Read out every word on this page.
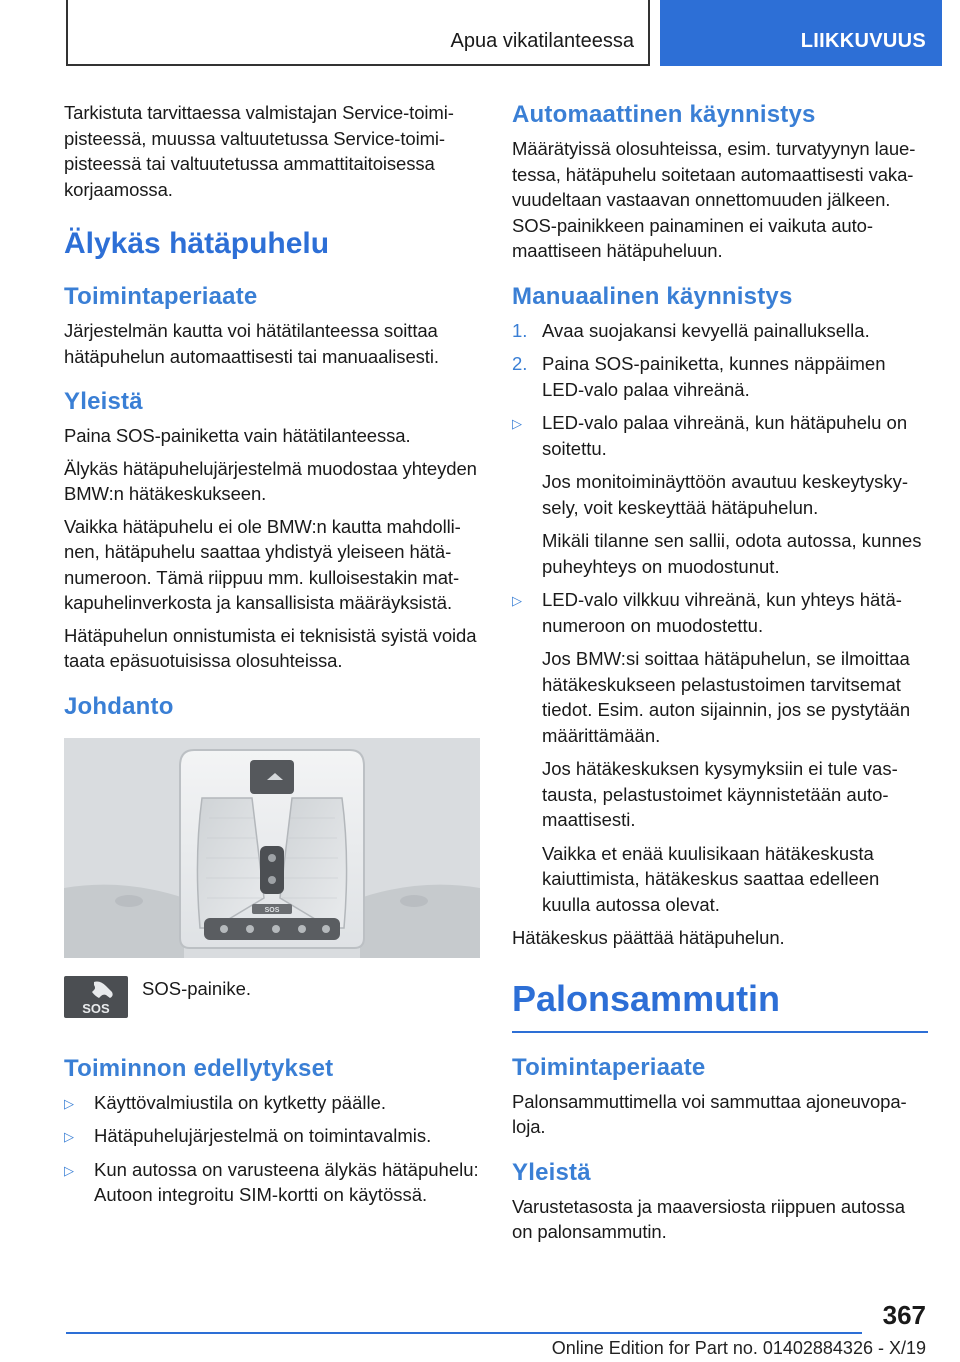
Apua vikatilanteessa	LIIKKUVUUS

Tarkistuta tarvittaessa valmistajan Service-toimipisteessä, muussa valtuutetussa Service-toimipisteessä tai valtuutetussa ammattitaitoisessa korjaamossa.

Älykäs hätäpuhelu
Toimintaperiaate

Järjestelmän kautta voi hätätilanteessa soittaa hätäpuhelun automaattisesti tai manuaalisesti.

Yleistä

Paina SOS-painiketta vain hätätilanteessa.

Älykäs hätäpuhelujärjestelmä muodostaa yhteyden BMW:n hätäkeskukseen.

Vaikka hätäpuhelu ei ole BMW:n kautta mahdollinen, hätäpuhelu saattaa yhdistyä yleiseen hätänumeroon. Tämä riippuu mm. kulloisestakin matkapuhelinverkosta ja kansallisista määräyksistä.

Hätäpuhelun onnistumista ei teknisistä syistä voida taata epäsuotuisissa olosuhteissa.

Johdanto
SOS
SOS
SOS-painike.
Toiminnon edellytykset
▷ Käyttövalmiustila on kytketty päälle.
▷ Hätäpuhelujärjestelmä on toimintavalmis.
▷ Kun autossa on varusteena älykäs hätäpuhelu: Autoon integroitu SIM-kortti on käytössä.
Automaattinen käynnistys

Määrätyissä olosuhteissa, esim. turvatyynyn lauetessa, hätäpuhelu soitetaan automaattisesti vakavuudeltaan vastaavan onnettomuuden jälkeen. SOS-painikkeen painaminen ei vaikuta automaattiseen hätäpuheluun.

Manuaalinen käynnistys
1. Avaa suojakansi kevyellä painalluksella.
2. Paina SOS-painiketta, kunnes näppäimen LED-valo palaa vihreänä.
▷ LED-valo palaa vihreänä, kun hätäpuhelu on soitettu.
Jos monitoiminäyttöön avautuu keskeytyskysely, voit keskeyttää hätäpuhelun.
Mikäli tilanne sen sallii, odota autossa, kunnes puheyhteys on muodostunut.
▷ LED-valo vilkkuu vihreänä, kun yhteys hätänumeroon on muodostettu.
Jos BMW:si soittaa hätäpuhelun, se ilmoittaa hätäkeskukseen pelastustoimen tarvitsemat tiedot. Esim. auton sijainnin, jos se pystytään määrittämään.
Jos hätäkeskuksen kysymyksiin ei tule vastausta, pelastustoimet käynnistetään automaattisesti.
Vaikka et enää kuulisikaan hätäkeskusta kaiuttimista, hätäkeskus saattaa edelleen kuulla autossa olevat.

Hätäkeskus päättää hätäpuhelun.

Palonsammutin
Toimintaperiaate

Palonsammuttimella voi sammuttaa ajoneuvopaloja.

Yleistä

Varustetasosta ja maaversiosta riippuen autossa on palonsammutin.

367
Online Edition for Part no. 01402884326 - X/19
